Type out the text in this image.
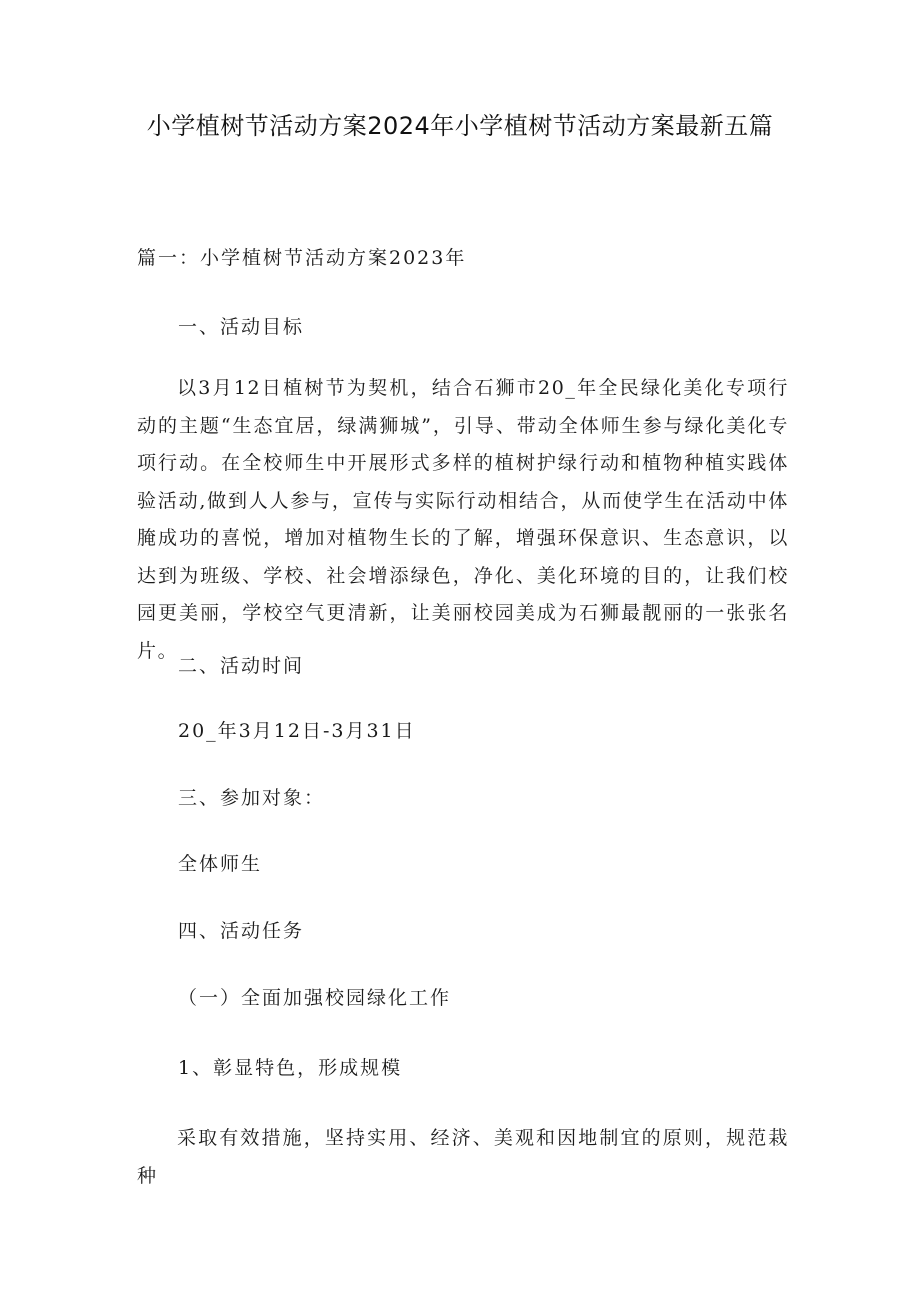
小学植树节活动方案2024年小学植树节活动方案最新五篇
篇一：小学植树节活动方案2023年
一、活动目标

以3月12日植树节为契机，结合石狮市20_年全民绿化美化专项行动的主题“生态宜居，绿满狮城”，引导、带动全体师生参与绿化美化专项行动。在全校师生中开展形式多样的植树护绿行动和植物种植实践体验活动,做到人人参与，宣传与实际行动相结合，从而使学生在活动中体腌成功的喜悦，增加对植物生长的了解，增强环保意识、生态意识，以达到为班级、学校、社会增添绿色，净化、美化环境的目的，让我们校园更美丽，学校空气更清新，让美丽校园美成为石狮最靓丽的一张张名片。

二、活动时间
20_年3月12日-3月31日
三、参加对象：
全体师生
四、活动任务
（一）全面加强校园绿化工作
1、彰显特色，形成规模

采取有效措施，坚持实用、经济、美观和因地制宜的原则，规范栽种
